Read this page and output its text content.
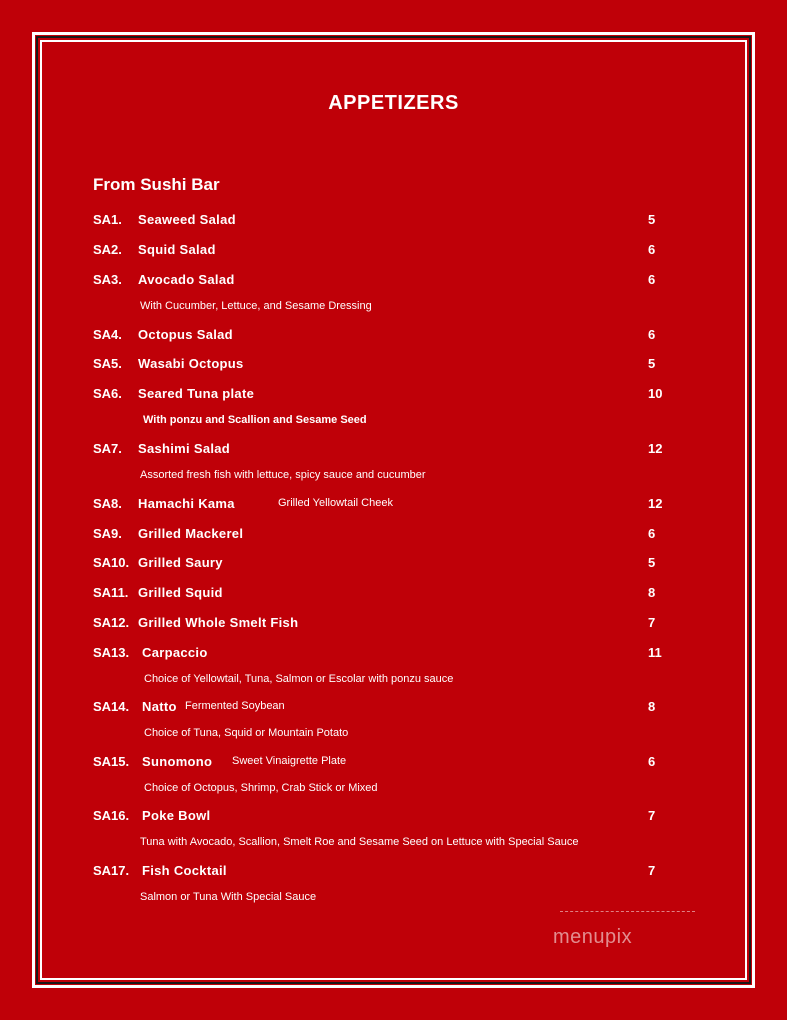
APPETIZERS
From Sushi Bar
SA1. Seaweed Salad	5
SA2. Squid Salad	6
SA3. Avocado Salad	6
With Cucumber, Lettuce, and Sesame Dressing
SA4. Octopus Salad	6
SA5. Wasabi Octopus	5
SA6. Seared Tuna plate	10
With ponzu and Scallion and Sesame Seed
SA7. Sashimi Salad	12
Assorted fresh fish with lettuce, spicy sauce and cucumber
SA8. Hamachi Kama	Grilled Yellowtail Cheek	12
SA9. Grilled Mackerel	6
SA10. Grilled Saury	5
SA11. Grilled Squid	8
SA12. Grilled Whole Smelt Fish	7
SA13. Carpaccio	11
Choice of Yellowtail, Tuna, Salmon or Escolar with ponzu sauce
SA14. Natto Fermented Soybean	8
Choice of Tuna, Squid or Mountain Potato
SA15. Sunomono Sweet Vinaigrette Plate	6
Choice of Octopus, Shrimp, Crab Stick or Mixed
SA16. Poke Bowl	7
Tuna with Avocado, Scallion, Smelt Roe and Sesame Seed on Lettuce with Special Sauce
SA17. Fish Cocktail	7
Salmon or Tuna With Special Sauce
menupix
